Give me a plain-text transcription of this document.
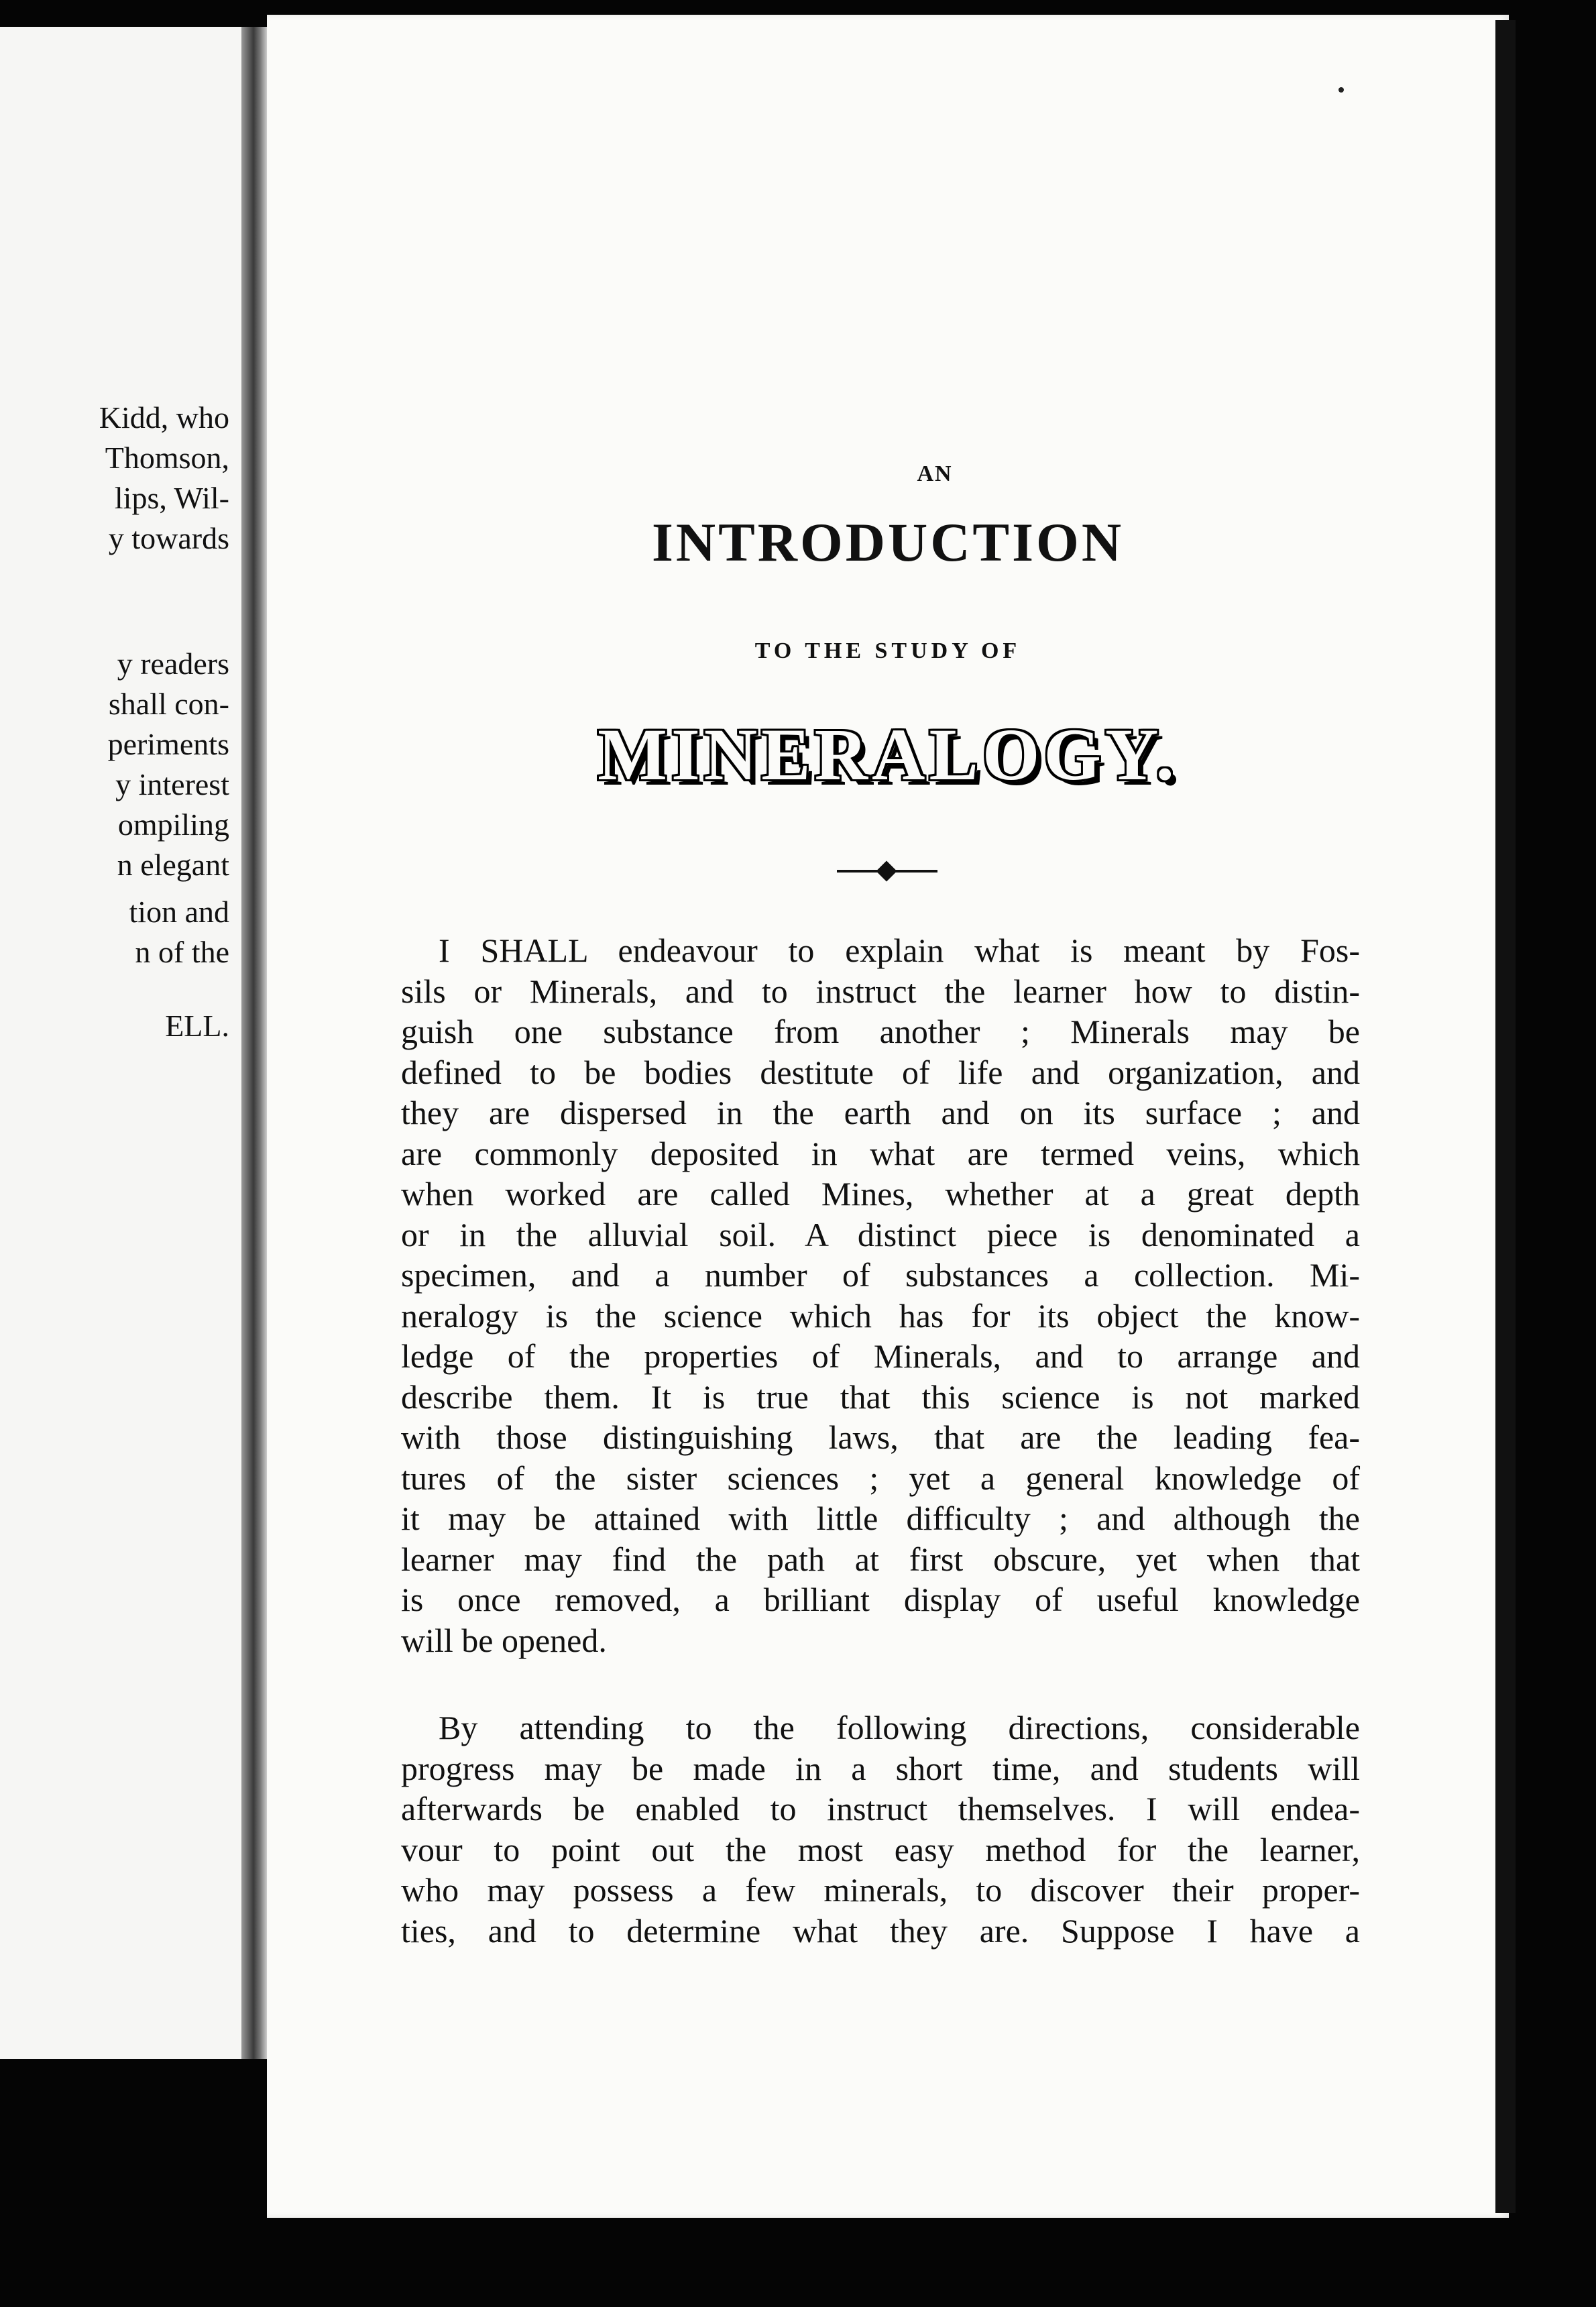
Kidd, who
Thomson,
lips, Wil-
y towards
y readers
shall con-
periments
y interest
ompiling
n elegant
tion and
n of the
ELL.
AN
INTRODUCTION
TO THE STUDY OF
MINERALOGY.
I SHALL endeavour to explain what is meant by Fos-
sils or Minerals, and to instruct the learner how to distin-
guish one substance from another ; Minerals may be
defined to be bodies destitute of life and organization, and
they are dispersed in the earth and on its surface ; and
are commonly deposited in what are termed veins, which
when worked are called Mines, whether at a great depth
or in the alluvial soil. A distinct piece is denominated a
specimen, and a number of substances a collection. Mi-
neralogy is the science which has for its object the know-
ledge of the properties of Minerals, and to arrange and
describe them. It is true that this science is not marked
with those distinguishing laws, that are the leading fea-
tures of the sister sciences ; yet a general knowledge of
it may be attained with little difficulty ; and although the
learner may find the path at first obscure, yet when that
is once removed, a brilliant display of useful knowledge
will be opened.
By attending to the following directions, considerable
progress may be made in a short time, and students will
afterwards be enabled to instruct themselves. I will endea-
vour to point out the most easy method for the learner,
who may possess a few minerals, to discover their proper-
ties, and to determine what they are. Suppose I have a
